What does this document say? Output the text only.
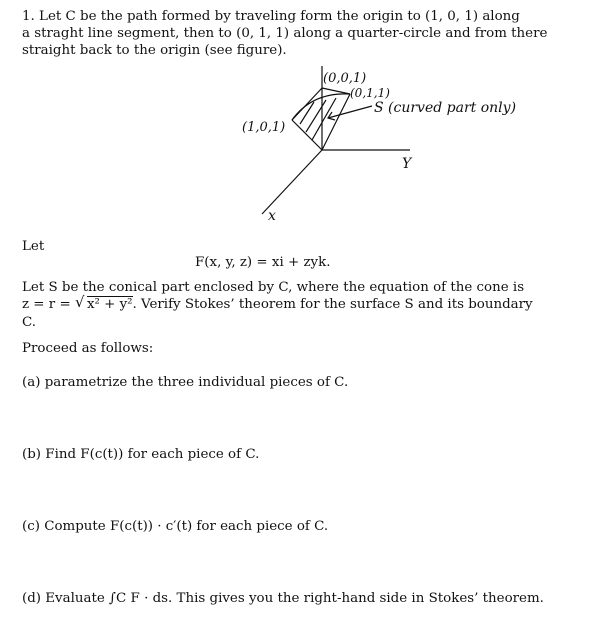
1. Let C be the path formed by traveling form the origin to (1, 0, 1) along
a straght line segment, then to (0, 1, 1) along a quarter-circle and from there
straight back to the origin (see figure).
(0,0,1)
(0,1,1)
S (curved part only)
(1,0,1)
Y
x
Let
F(x, y, z) = xi + zyk.
Let S be the conical part enclosed by C, where the equation of the cone is
z = r = √ x² + y². Verify Stokes’ theorem for the surface S and its boundary
C.
Proceed as follows:
(a) parametrize the three individual pieces of C.
(b) Find F(c(t)) for each piece of C.
(c) Compute F(c(t)) · c′(t) for each piece of C.
(d) Evaluate ∫C F · ds. This gives you the right-hand side in Stokes’ theorem.
